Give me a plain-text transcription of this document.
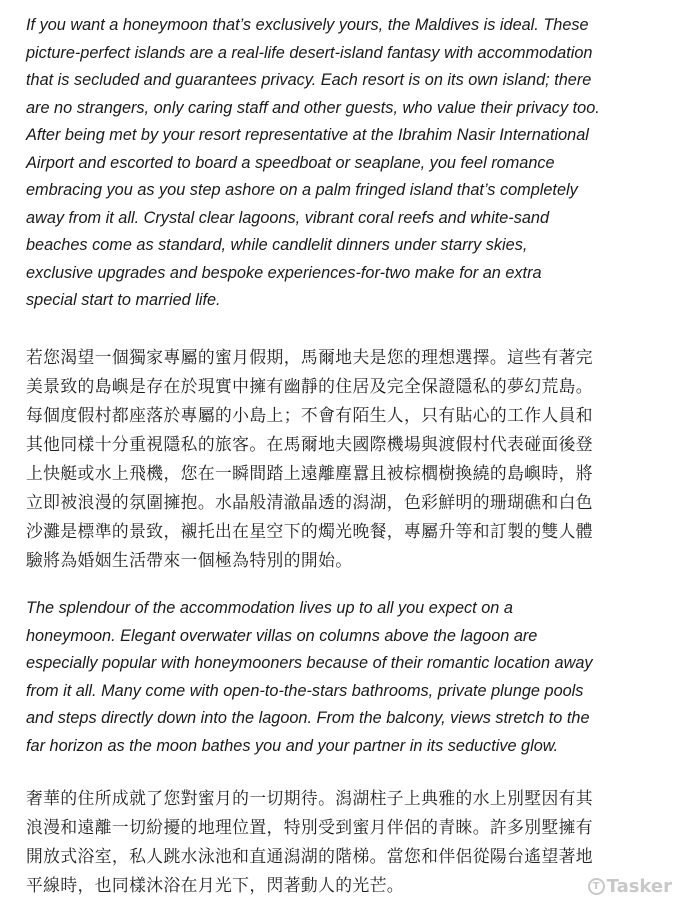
If you want a honeymoon that’s exclusively yours, the Maldives is ideal. These
picture-perfect islands are a real-life desert-island fantasy with accommodation
that is secluded and guarantees privacy. Each resort is on its own island; there
are no strangers, only caring staff and other guests, who value their privacy too.
After being met by your resort representative at the Ibrahim Nasir International
Airport and escorted to board a speedboat or seaplane, you feel romance
embracing you as you step ashore on a palm fringed island that’s completely
away from it all. Crystal clear lagoons, vibrant coral reefs and white-sand
beaches come as standard, while candlelit dinners under starry skies,
exclusive upgrades and bespoke experiences-for-two make for an extra
special start to married life.

若您渴望一個獨家專屬的蜜月假期，馬爾地夫是您的理想選擇。這些有著完
美景致的島嶼是存在於現實中擁有幽靜的住居及完全保證隱私的夢幻荒島。
每個度假村都座落於專屬的小島上；不會有陌生人，只有貼心的工作人員和
其他同樣十分重視隱私的旅客。在馬爾地夫國際機場與渡假村代表碰面後登
上快艇或水上飛機，您在一瞬間踏上遠離塵囂且被棕櫚樹換繞的島嶼時，將
立即被浪漫的氛圍擁抱。水晶般清澈晶透的潟湖，色彩鮮明的珊瑚礁和白色
沙灘是標準的景致，襯托出在星空下的燭光晚餐，專屬升等和訂製的雙人體
驗將為婚姻生活帶來一個極為特別的開始。

The splendour of the accommodation lives up to all you expect on a
honeymoon. Elegant overwater villas on columns above the lagoon are
especially popular with honeymooners because of their romantic location away
from it all. Many come with open-to-the-stars bathrooms, private plunge pools
and steps directly down into the lagoon. From the balcony, views stretch to the
far horizon as the moon bathes you and your partner in its seductive glow.

奢華的住所成就了您對蜜月的一切期待。潟湖柱子上典雅的水上別墅因有其
浪漫和遠離一切紛擾的地理位置，特別受到蜜月伴侶的青睞。許多別墅擁有
開放式浴室，私人跳水泳池和直通潟湖的階梯。當您和伴侶從陽台遙望著地
平線時，也同樣沐浴在月光下，閃著動人的光芒。	T Tasker
